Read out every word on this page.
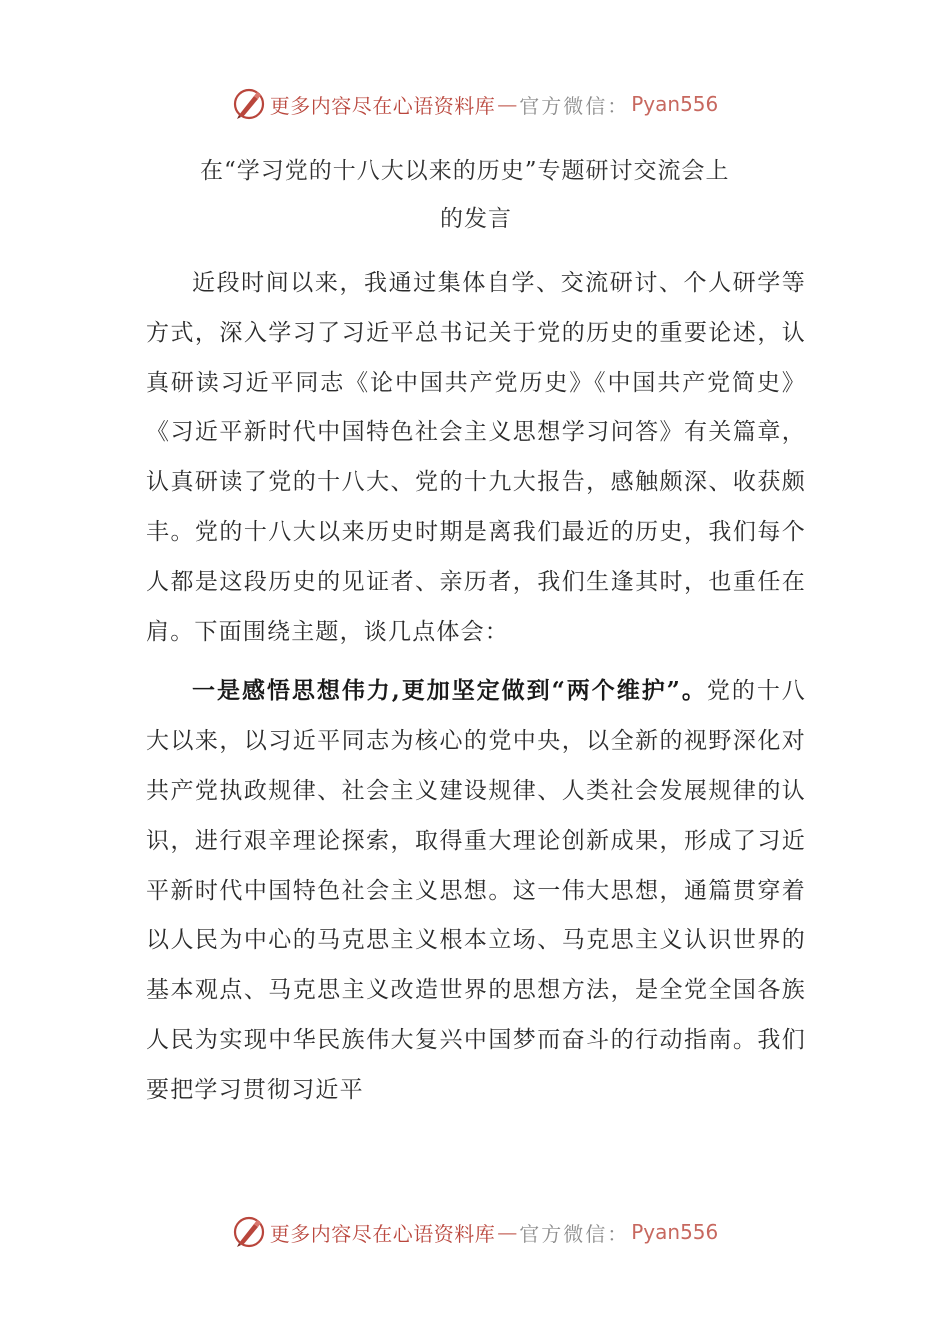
更多内容尽在心语资料库 — 官方微信： Pyan556
在“学习党的十八大以来的历史”专题研讨交流会上
的发言

近段时间以来，我通过集体自学、交流研讨、个人研学等方式，深入学习了习近平总书记关于党的历史的重要论述，认真研读习近平同志《论中国共产党历史》《中国共产党简史》《习近平新时代中国特色社会主义思想学习问答》有关篇章，认真研读了党的十八大、党的十九大报告，感触颇深、收获颇丰。党的十八大以来历史时期是离我们最近的历史，我们每个人都是这段历史的见证者、亲历者，我们生逢其时，也重任在肩。下面围绕主题，谈几点体会：

一是感悟思想伟力,更加坚定做到“两个维护”。党的十八大以来，以习近平同志为核心的党中央，以全新的视野深化对共产党执政规律、社会主义建设规律、人类社会发展规律的认识，进行艰辛理论探索，取得重大理论创新成果，形成了习近平新时代中国特色社会主义思想。这一伟大思想，通篇贯穿着以人民为中心的马克思主义根本立场、马克思主义认识世界的基本观点、马克思主义改造世界的思想方法，是全党全国各族人民为实现中华民族伟大复兴中国梦而奋斗的行动指南。我们要把学习贯彻习近平

更多内容尽在心语资料库 — 官方微信： Pyan556
